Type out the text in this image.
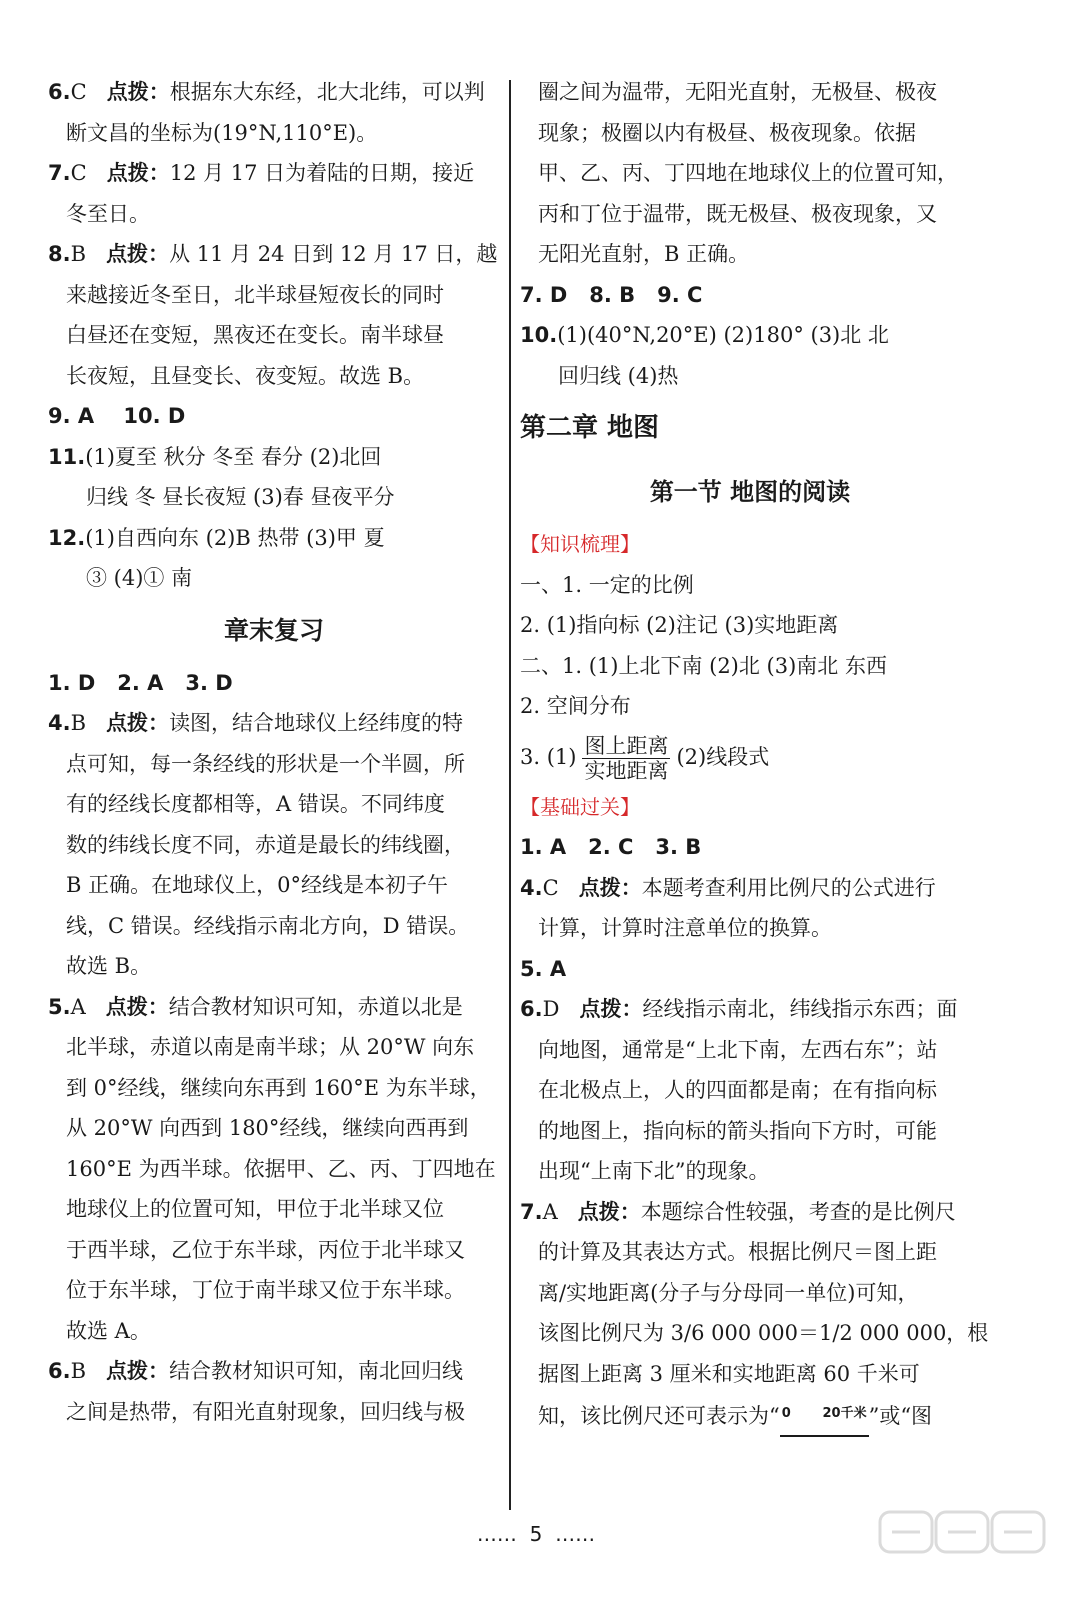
6.C 点拨：根据东大东经，北大北纬，可以判
断文昌的坐标为(19°N,110°E)。
7.C 点拨：12 月 17 日为着陆的日期，接近
冬至日。
8.B 点拨：从 11 月 24 日到 12 月 17 日，越
来越接近冬至日，北半球昼短夜长的同时
白昼还在变短，黑夜还在变长。南半球昼
长夜短，且昼变长、夜变短。故选 B。
9. A 10. D
11.(1)夏至 秋分 冬至 春分 (2)北回
归线 冬 昼长夜短 (3)春 昼夜平分
12.(1)自西向东 (2)B 热带 (3)甲 夏
③ (4)① 南
章末复习
1. D 2. A 3. D
4.B 点拨：读图，结合地球仪上经纬度的特
点可知，每一条经线的形状是一个半圆，所
有的经线长度都相等，A 错误。不同纬度
数的纬线长度不同，赤道是最长的纬线圈，
B 正确。在地球仪上，0°经线是本初子午
线，C 错误。经线指示南北方向，D 错误。
故选 B。
5.A 点拨：结合教材知识可知，赤道以北是
北半球，赤道以南是南半球；从 20°W 向东
到 0°经线，继续向东再到 160°E 为东半球，
从 20°W 向西到 180°经线，继续向西再到
160°E 为西半球。依据甲、乙、丙、丁四地在
地球仪上的位置可知，甲位于北半球又位
于西半球，乙位于东半球，丙位于北半球又
位于东半球，丁位于南半球又位于东半球。
故选 A。
6.B 点拨：结合教材知识可知，南北回归线
之间是热带，有阳光直射现象，回归线与极
圈之间为温带，无阳光直射，无极昼、极夜
现象；极圈以内有极昼、极夜现象。依据
甲、乙、丙、丁四地在地球仪上的位置可知，
丙和丁位于温带，既无极昼、极夜现象，又
无阳光直射，B 正确。
7. D 8. B 9. C
10.(1)(40°N,20°E) (2)180° (3)北 北
回归线 (4)热
第二章 地图
第一节 地图的阅读
【知识梳理】
一、1. 一定的比例
2. (1)指向标 (2)注记 (3)实地距离
二、1. (1)上北下南 (2)北 (3)南北 东西
2. 空间分布
3. $(1) \frac{\text{图上距离}}{\text{实地距离}} (2)$线段式
【基础过关】
1. A 2. C 3. B
4.C 点拨：本题考查利用比例尺的公式进行
计算，计算时注意单位的换算。
5. A
6.D 点拨：经线指示南北，纬线指示东西；面
向地图，通常是“上北下南，左西右东”；站
在北极点上，人的四面都是南；在有指向标
的地图上，指向标的箭头指向下方时，可能
出现“上南下北”的现象。
7.A 点拨：本题综合性较强，考查的是比例尺
的计算及其表达方式。根据比例尺＝图上距
离/实地距离(分子与分母同一单位)可知，
该图比例尺为 3/6 000 000＝1/2 000 000，根
据图上距离 3 厘米和实地距离 60 千米可
知，该比例尺还可表示为“ 0 20千米”或“图
…… 5 ……
